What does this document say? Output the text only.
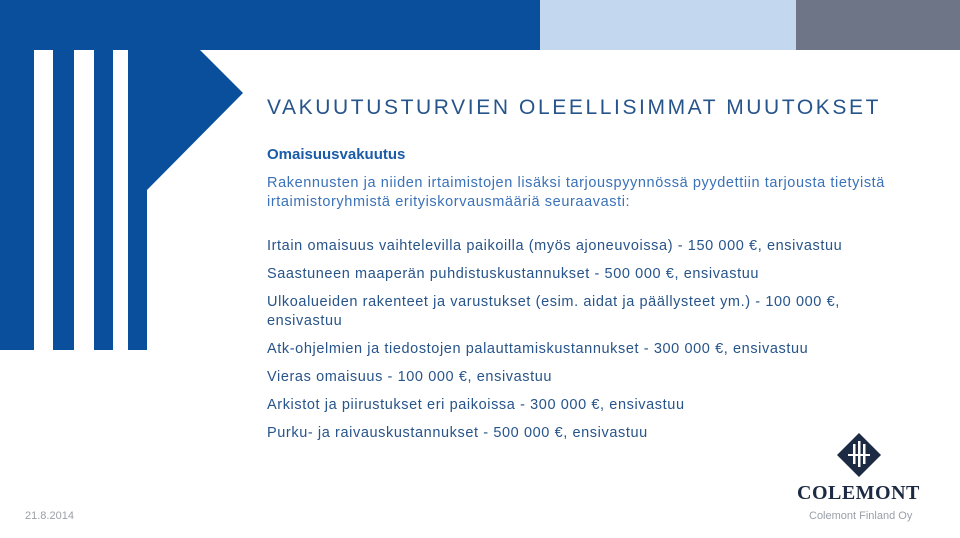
VAKUUTUSTURVIEN OLEELLISIMMAT MUUTOKSET
Omaisuusvakuutus

Rakennusten ja niiden irtaimistojen lisäksi tarjouspyynnössä pyydettiin tarjousta tietyistä irtaimistoryhmistä erityiskorvausmääriä seuraavasti:

Irtain omaisuus vaihtelevilla paikoilla (myös ajoneuvoissa) - 150 000 €, ensivastuu
Saastuneen maaperän puhdistuskustannukset - 500 000 €, ensivastuu
Ulkoalueiden rakenteet ja varustukset (esim. aidat ja päällysteet ym.) - 100 000 €, ensivastuu
Atk-ohjelmien ja tiedostojen palauttamiskustannukset - 300 000 €, ensivastuu
Vieras omaisuus - 100 000 €, ensivastuu
Arkistot ja piirustukset eri paikoissa - 300 000 €, ensivastuu
Purku- ja raivauskustannukset - 500 000 €, ensivastuu
COLEMONT
21.8.2014	Colemont Finland Oy
